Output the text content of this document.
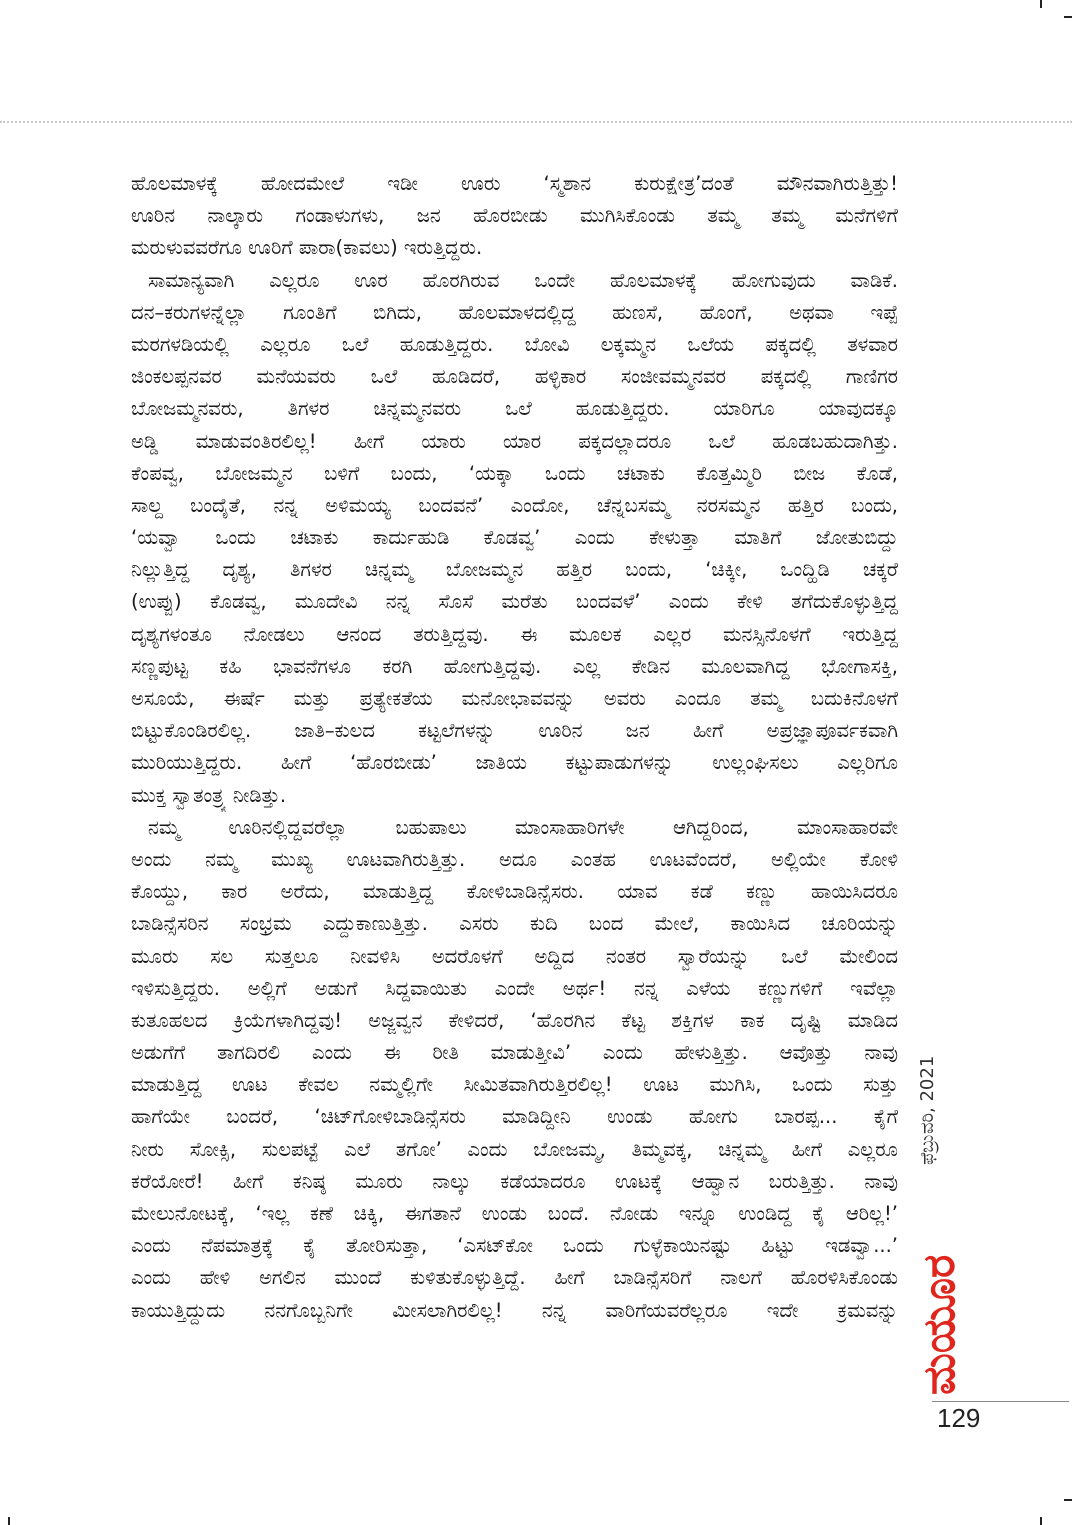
ಹೊಲಮಾಳಕ್ಕೆ ಹೋದಮೇಲೆ ಇಡೀ ಊರು ‘ಸ್ಮಶಾನ ಕುರುಕ್ಷೇತ್ರ’ದಂತೆ ಮೌನವಾಗಿರುತ್ತಿತ್ತು!
ಊರಿನ ನಾಲ್ಕಾರು ಗಂಡಾಳುಗಳು, ಜನ ಹೊರಬೀಡು ಮುಗಿಸಿಕೊಂಡು ತಮ್ಮ ತಮ್ಮ ಮನೆಗಳಿಗೆ
ಮರುಳುವವರೆಗೂ ಊರಿಗೆ ಪಾರಾ(ಕಾವಲು) ಇರುತ್ತಿದ್ದರು.
ಸಾಮಾನ್ಯವಾಗಿ ಎಲ್ಲರೂ ಊರ ಹೊರಗಿರುವ ಒಂದೇ ಹೊಲಮಾಳಕ್ಕೆ ಹೋಗುವುದು ವಾಡಿಕೆ.
ದನ–ಕರುಗಳನ್ನೆಲ್ಲಾ ಗೂಂತಿಗೆ ಬಿಗಿದು, ಹೊಲಮಾಳದಲ್ಲಿದ್ದ ಹುಣಸೆ, ಹೊಂಗೆ, ಅಥವಾ ಇಪ್ಪೆ
ಮರಗಳಡಿಯಲ್ಲಿ ಎಲ್ಲರೂ ಒಲೆ ಹೂಡುತ್ತಿದ್ದರು. ಬೋವಿ ಲಕ್ಕಮ್ಮನ ಒಲೆಯ ಪಕ್ಕದಲ್ಲಿ ತಳವಾರ
ಜಿಂಕಲಪ್ಪನವರ ಮನೆಯವರು ಒಲೆ ಹೂಡಿದರೆ, ಹಳ್ಳಿಕಾರ ಸಂಜೀವಮ್ಮನವರ ಪಕ್ಕದಲ್ಲಿ ಗಾಣಿಗರ
ಬೋಜಮ್ಮನವರು, ತಿಗಳರ ಚಿನ್ನಮ್ಮನವರು ಒಲೆ ಹೂಡುತ್ತಿದ್ದರು. ಯಾರಿಗೂ ಯಾವುದಕ್ಕೂ
ಅಡ್ಡಿ ಮಾಡುವಂತಿರಲಿಲ್ಲ! ಹೀಗೆ ಯಾರು ಯಾರ ಪಕ್ಕದಲ್ಲಾದರೂ ಒಲೆ ಹೂಡಬಹುದಾಗಿತ್ತು.
ಕೆಂಪವ್ವ, ಬೋಜಮ್ಮನ ಬಳಿಗೆ ಬಂದು, ‘ಯಕ್ಕಾ ಒಂದು ಚಟಾಕು ಕೊತ್ತಮ್ಮಿರಿ ಬೀಜ ಕೊಡೆ,
ಸಾಲ್ದ ಬಂದೈತೆ, ನನ್ನ ಅಳಿಮಯ್ಯ ಬಂದವನೆ’ ಎಂದೋ, ಚೆನ್ನಬಸಮ್ಮ ನರಸಮ್ಮನ ಹತ್ತಿರ ಬಂದು,
‘ಯವ್ವಾ ಒಂದು ಚಟಾಕು ಕಾರ್ದುಹುಡಿ ಕೊಡವ್ವ’ ಎಂದು ಕೇಳುತ್ತಾ ಮಾತಿಗೆ ಜೋತುಬಿದ್ದು
ನಿಲ್ಲುತ್ತಿದ್ದ ದೃಶ್ಯ, ತಿಗಳರ ಚಿನ್ನಮ್ಮ ಬೋಜಮ್ಮನ ಹತ್ತಿರ ಬಂದು, ‘ಚಿಕ್ಕೀ, ಒಂದ್ಹಿಡಿ ಚಕ್ಕರೆ
(ಉಪ್ಪು) ಕೊಡವ್ವ, ಮೂದೇವಿ ನನ್ನ ಸೊಸೆ ಮರೆತು ಬಂದವಳೆ’ ಎಂದು ಕೇಳಿ ತಗೆದುಕೊಳ್ಳುತ್ತಿದ್ದ
ದೃಶ್ಯಗಳಂತೂ ನೋಡಲು ಆನಂದ ತರುತ್ತಿದ್ದವು. ಈ ಮೂಲಕ ಎಲ್ಲರ ಮನಸ್ಸಿನೊಳಗೆ ಇರುತ್ತಿದ್ದ
ಸಣ್ಣಪುಟ್ಟ ಕಹಿ ಭಾವನೆಗಳೂ ಕರಗಿ ಹೋಗುತ್ತಿದ್ದವು. ಎಲ್ಲ ಕೇಡಿನ ಮೂಲವಾಗಿದ್ದ ಭೋಗಾಸಕ್ತಿ,
ಅಸೂಯೆ, ಈರ್ಷೆ ಮತ್ತು ಪ್ರತ್ಯೇಕತೆಯ ಮನೋಭಾವವನ್ನು ಅವರು ಎಂದೂ ತಮ್ಮ ಬದುಕಿನೊಳಗೆ
ಬಿಟ್ಟುಕೊಂಡಿರಲಿಲ್ಲ. ಜಾತಿ–ಕುಲದ ಕಟ್ಟಲೆಗಳನ್ನು ಊರಿನ ಜನ ಹೀಗೆ ಅಪ್ರಜ್ಞಾಪೂರ್ವಕವಾಗಿ
ಮುರಿಯುತ್ತಿದ್ದರು. ಹೀಗೆ ‘ಹೊರಬೀಡು’ ಜಾತಿಯ ಕಟ್ಟುಪಾಡುಗಳನ್ನು ಉಲ್ಲಂಘಿಸಲು ಎಲ್ಲರಿಗೂ
ಮುಕ್ತ ಸ್ವಾತಂತ್ರ್ಯ ನೀಡಿತ್ತು.
ನಮ್ಮ ಊರಿನಲ್ಲಿದ್ದವರೆಲ್ಲಾ ಬಹುಪಾಲು ಮಾಂಸಾಹಾರಿಗಳೇ ಆಗಿದ್ದರಿಂದ, ಮಾಂಸಾಹಾರವೇ
ಅಂದು ನಮ್ಮ ಮುಖ್ಯ ಊಟವಾಗಿರುತ್ತಿತ್ತು. ಅದೂ ಎಂತಹ ಊಟವೆಂದರೆ, ಅಲ್ಲಿಯೇ ಕೋಳಿ
ಕೊಯ್ದು, ಕಾರ ಅರೆದು, ಮಾಡುತ್ತಿದ್ದ ಕೋಳಿಬಾಡಿನ್ಸೆಸರು. ಯಾವ ಕಡೆ ಕಣ್ಣು ಹಾಯಿಸಿದರೂ
ಬಾಡಿನ್ಸೆಸರಿನ ಸಂಭ್ರಮ ಎದ್ದುಕಾಣುತ್ತಿತ್ತು. ಎಸರು ಕುದಿ ಬಂದ ಮೇಲೆ, ಕಾಯಿಸಿದ ಚೂರಿಯನ್ನು
ಮೂರು ಸಲ ಸುತ್ತಲೂ ನೀವಳಿಸಿ ಅದರೊಳಗೆ ಅದ್ದಿದ ನಂತರ ಸ್ವಾರೆಯನ್ನು ಒಲೆ ಮೇಲಿಂದ
ಇಳಿಸುತ್ತಿದ್ದರು. ಅಲ್ಲಿಗೆ ಅಡುಗೆ ಸಿದ್ದವಾಯಿತು ಎಂದೇ ಅರ್ಥ! ನನ್ನ ಎಳೆಯ ಕಣ್ಣುಗಳಿಗೆ ಇವೆಲ್ಲಾ
ಕುತೂಹಲದ ಕ್ರಿಯೆಗಳಾಗಿದ್ದವು! ಅಜ್ಜವ್ವನ ಕೇಳಿದರೆ, ‘ಹೊರಗಿನ ಕೆಟ್ಟ ಶಕ್ತಿಗಳ ಕಾಕ ದೃಷ್ಟಿ ಮಾಡಿದ
ಅಡುಗೆಗೆ ತಾಗದಿರಲಿ ಎಂದು ಈ ರೀತಿ ಮಾಡುತ್ತೀವಿ’ ಎಂದು ಹೇಳುತ್ತಿತ್ತು. ಆವೊತ್ತು ನಾವು
ಮಾಡುತ್ತಿದ್ದ ಊಟ ಕೇವಲ ನಮ್ಮಲ್ಲಿಗೇ ಸೀಮಿತವಾಗಿರುತ್ತಿರಲಿಲ್ಲ! ಊಟ ಮುಗಿಸಿ, ಒಂದು ಸುತ್ತು
ಹಾಗೆಯೇ ಬಂದರೆ, ‘ಚಿಟ್‌ಗೋಳಿಬಾಡಿನ್ಸೆಸರು ಮಾಡಿದ್ದೀನಿ ಉಂಡು ಹೋಗು ಬಾರಪ್ಪ... ಕೈಗೆ
ನೀರು ಸೋಕ್ಸಿ, ಸುಲಪಟ್ಟೆ ಎಲೆ ತಗೋ’ ಎಂದು ಬೋಜಮ್ಮ, ತಿಮ್ಮವಕ್ಕ, ಚಿನ್ನಮ್ಮ ಹೀಗೆ ಎಲ್ಲರೂ
ಕರೆಯೋರೆ! ಹೀಗೆ ಕನಿಷ್ಠ ಮೂರು ನಾಲ್ಕು ಕಡೆಯಾದರೂ ಊಟಕ್ಕೆ ಆಹ್ವಾನ ಬರುತ್ತಿತ್ತು. ನಾವು
ಮೇಲುನೋಟಕ್ಕೆ, ‘ಇಲ್ಲ ಕಣೆ ಚಿಕ್ಕಿ, ಈಗತಾನೆ ಉಂಡು ಬಂದೆ. ನೋಡು ಇನ್ನೂ ಉಂಡಿದ್ದ ಕೈ ಆರಿಲ್ಲ!’
ಎಂದು ನೆಪಮಾತ್ರಕ್ಕೆ ಕೈ ತೋರಿಸುತ್ತಾ, ‘ಎಸಟ್‌ಕೋ ಒಂದು ಗುಳ್ಳೆಕಾಯಿನಷ್ಟು ಹಿಟ್ಟು ಇಡವ್ವಾ...’
ಎಂದು ಹೇಳಿ ಅಗಲಿನ ಮುಂದೆ ಕುಳಿತುಕೊಳ್ಳುತ್ತಿದ್ದೆ. ಹೀಗೆ ಬಾಡಿನ್ಸೆಸರಿಗೆ ನಾಲಗೆ ಹೊರಳಿಸಿಕೊಂಡು
ಕಾಯುತ್ತಿದ್ದುದು ನನಗೊಬ್ಬನಿಗೇ ಮೀಸಲಾಗಿರಲಿಲ್ಲ! ನನ್ನ ವಾರಿಗೆಯವರೆಲ್ಲರೂ ಇದೇ ಕ್ರಮವನ್ನು
ಫೆಬ್ರುವರಿ, 2021
ಮಯೂರ
129
